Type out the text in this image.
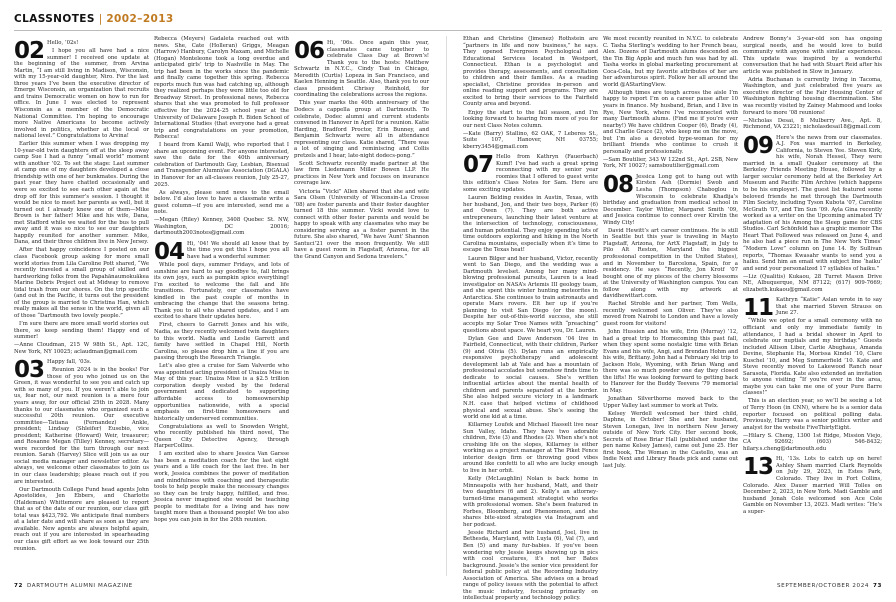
CLASSNOTES | 2002–2013
02 Hello, ’02s!

I hope you all have had a nice summer! I received one update at the beginning of the summer, from Arvina Martin, “I am still living in Madison, Wisconsin, with my 15-year-old daughter, Niro. For the last three years I’ve been the executive director of Emerge Wisconsin, an organization that recruits and trains Democratic women on how to run for office. In June I was elected to represent Wisconsin as a member of the Democratic National Committee. I’m hoping to encourage more Native Americans to become actively involved in politics, whether at the local or national level.” Congratulations to Arvina!

Earlier this summer when I was dropping my 10-year-old twin daughters off at the sleep away camp Sue I had a funny “small world” moment with another ’02. To set the stage: Last summer at camp one of my daughters developed a close friendship with one of her bunkmates. During the past year they have chatted occasionally and were so excited to see each other again at the drop off for this summer’s session. I thought it would be nice to meet her parents as well, but it turned out I already knew one of them—Mike Brown is her father! Mike and his wife, Dana, met Stafford while we waited for the bus to pull away and it was so nice to see our daughters happily reunited for another summer. Mike, Dana, and their three children live in New Jersey.

After that happy coincidence I posted on our class Facebook group asking for more small world stories from Lila Caroline Pott shared, “We recently traveled a small group of skilled and hardworking folks from the Papahānaumokuākea Marine Debris Project out at Midway to remove tidal trash from our shores. On the trip specific (and out in the Pacific, it turns out the president of the group is married to Christina Han, which really makes all the sense in the world, given all of those “Dartmouth two lovely people.”

I’m sure there are more small world stories out there, so keep sending them! Happy end of summer!

—Anne Cloudman, 215 W 98th St., Apt. 12C, New York, NY 10025; aclaudman@gmail.com

03 Happy fall, ’03s.

Reunion 2024 is in the books! For those of you who joined us on the Green, it was wonderful to see you and catch up with so many of you. If you weren’t able to join us, fear not, our next reunion is a mere four years away, for our official 25th in 2028. Many thanks to our classmates who organized such a successful 20th reunion. Our executive committee—Tatiana (Fernandez) Ankle, president; Lindsay (Shleifer) Eusebio, vice president; Katherine (Howard) Weir, treasurer; and Rosanne Megan (Tilley) Kenney, secretary—were recorded for the turn through our next reunion. Sarah (Harvey) Slice will join us as our social media manager and newsletter editor. As always, we welcome other classmates to join us in our class leadership; please reach out if you are interested.

Our Dartmouth College Fund head agents John Apostolides, Jen Ebbers, and Charlotte (Haldeman) Whittemore are pleased to report that as of the date of our reunion, our class gift total was $423,792. We anticipate final numbers at a later date and will share as soon as they are available. New agents are always helpful again, reach out if you are interested in spearheading our class gift effort as we look toward our 25th reunion.

Rebecca (Meyers) Gadaleta reached out with news. She, Cate (Holleran) Griggs, Meagan (Harrow) Hanbury, Carolyn Maxam, and Michelle (Hogan) Monteleone took a long overdue and anticipated girls’ trip to Nashville in May. The trip had been in the works since the pandemic and finally came together this spring. Rebecca reports much fun was had catching up, although they realized perhaps they were little too old for Broadway Street. In professional news, Rebecca shares that she was promoted to full professor effective for the 2024-25 school year at the University of Delaware Joseph R. Biden School of International Studies (that everyone had a great trip and congratulations on your promotion, Rebecca!

I heard from Kamil Walji, who reported that I share an upcoming event. For anyone interested, save the date for the 40th anniversary celebration of Dartmouth Gay, Lesbian, Bisexual and Transgender Alumni/ae Association (DGALA) in Hanover for an all-classes reunion, July 25-27, 2025.

As always, please send news to the email below. I’d also love to have a classmate write a guest column—if you are interested, send me a note.

—Megan (Riley) Kenney, 3408 Quebec St. NW, Washington, DC 20016; dartmouth2003notes@gmail.com

04 Hi, ’04! We should all know that by the time you get this I hope you all have had a wonderful summer.

While pool days, summer Fridays, and lots of sunshine are hard to say goodbye to, fall brings its own joys, such as pumpkin spice everything! I’m excited to welcome the fall and life transitions. Fortunately, our classmates have kindled in the past couple of months in embracing the change that the seasons bring. Thank you to all who shared updates, and I am excited to share their updates here.

First, cheers to Garrett Jones and his wife, Nadia, as they recently welcomed twin daughters to this world. Nadia and Leslie Garrett and family have settled in Chapel Hill, North Carolina, so please drop him a line if you are passing through the Research Triangle.

Let’s also give a cruise for Sam Valverde who was appointed acting president of Unaiza Mise in May of this year. Unaiza Mise is a $2.5 trillion corporation deeply vested by the federal government and dedicated to supporting affordable access to homeownership opportunities nationwide, with a special emphasis on first-time homeowners and historically underserved communities.

Congratulations as well to Snowden Wright, who recently published his third novel, The Queen City Detective Agency, through HarperCollins.

I am excited also to share Jessica Van Garsse has been a meditation coach for the last eight years and a life coach for the last five. In her work, Jessica combines the power of meditation and mindfulness with coaching and therapeutic tools to help people make the necessary changes so they can be truly happy, fulfilled, and free. Jessica never imagined she would be teaching people to meditate for a living and has now taught more than a thousand people! We too also hope you can join in for the 20th reunion.

06 Hi, ’06s. Once again this year, classmates came together to celebrate Class Day at Brown’s! Thank you to the hosts: Matthew Schwartz in N.Y.C., Cindy Tsai in Chicago, Meredith (Curtis) Lopeza in San Francisco, and Kaelen Henning in Seattle. Also, thank you to our class president Chrissy Reinhold, for coordinating the celebrations across the regions.

This year marks the 40th anniversary of the Dodecs a cappella group at Dartmouth. To celebrate, Dodec alumni and current students convened in Hanover in April for a reunion. Katie Harding, Bradford Proctor, Erin Bunney, and Benjamin Schwartz were all in attendance representing our class. Katie shared, “There was a lot of singing and reminiscing and Collis pretzels and I hear, late-night dodecs-pong.”

Scott Schwartz recently made partner at the law firm Liedemann Miller Bowen LLP. He practices in New York and focuses on insurance coverage law.

Victoria “Vicki” Allen shared that she and wife Sara Olsen (University of Wisconsin-La Crosse ’08) are foster parents and their foster daughter turned 18 this summer. Vicki would love to connect with other foster parents and would be happy to speak with any classmates who may be considering serving as a foster parent in the future. She also shared, “We have ‘Aunt’ Shannon Santuci’21 over the moon frequently. We still have a guest room in Flagstaff, Arizona, for all the Grand Canyon and Sedona travelers.”

Ethan and Christine (Jimenez) Rothstein are “partners in life and now business,” he says. They opened Evergreen Psychological and Educational Services located in Westport, Connecticut. Ethan is a psychologist and provides therapy, assessments, and consultation to children and their families. As a reading specialist, Christine provides in-person and online reading support and programs. They are excited to bring their services to the Fairfield County area and beyond.

Enjoy the start to the fall season, and I’m looking forward to hearing from more of you for our next Class Notes column.

—Kate (Barry) Stallino, 62 OAK, 7 Leberes St., Suite 107, Hanover, NH 03755; kberry3454@gmail.com

07 Hello from Kathryn (Fauerbach) Kumf! I’ve had such a great spring reconnecting with my senior year roomies that I offered to guest write this edition’s Class Notes for Sam. Here are some exciting updates.

Lauren Belding resides in Austin, Texas, with her husband, Jon, and their two boys, Parker (6) and Owen (7). They are both active entrepreneurs, launching their latest venture at the intersection of technology, consciousness, and human potential. They enjoy spending lots of time outdoors exploring and hiking in the North Carolina mountains, especially when it’s time to escape the Texas heat!

Lauren Bilger and her husband, Victor, recently went to San Diego, and the wedding was a Dartmouth levelset. Among her many mind-blowing professional pursuits, Lauren is a lead investigator on NASA’s Artemis III geology team, and she spent this winter hunting meteorites in Antarctica. She continues to train astronauts and operate Mars rovers. Elt her up if you’re planning to visit San Diego (or the moon). Despite her out-of-this-world success, she still accepts my Solar Tree Names with “preaching” questions about space. We heart you, Dr. Lauren.

Dylan Gee and Dave Anderson ’04 live in Fairfield, Connecticut, with their children, Parker (9) and Olivia (5). Dylan runs an empirically responsive psychotherapy and adolescent development lab at Yale and has a mountain of professional accolades but somehow finds time to dedicate to social causes. She’s written influential articles about the mental health of children and parents separated at the border. She also helped secure victory in a landmark N.H. case that helped victims of childhood physical and sexual abuse. She’s seeing the world one kid at a time.

Killarney Loufek and Michael Hasselt live near Sun Valley, Idaho. They have two adorable children, Evie (3) and Rhodes (2). When she’s not crushing life on the slopes, Killarney is either working as a project manager at The Piket Fence interior design firm or throwing good vibes around like confetti to all who are lucky enough to live in her orbit.

Kelly (McLaughlin) Nolan is back home in Minneapolis with her husband, Matt, and their two daughters (6 and 2). Kelly’s an attorney-turned-time management strategist who works with professional women. She’s been featured in Forbes, Bloomberg, and Phenomenon, and she shares bite-sized strategies via Instagram and her podcast.

Jessie Richard and her husband, Joel, live in Bethesda, Maryland, with Luyla (6), Val (7), and Ben (5) and many fur-babies. If you’ve been wondering why Jessie keeps showing up in pics with cool creatures, it’s not her Bates background. Jessie’s the senior vice president for federal public policy at the Recording Industry Association of America. She advises on a broad range of policy issues with the potential to affect the music industry, focusing primarily on intellectual property and technology policy.

We most recently reunited in N.Y.C. to celebrate C. Tasha Sterling’s wedding to her French beau, Alex. Dozens of Dartmouth alums descended on the Tin Big Apple and much fun was had by all. Tasha works in global marketing procurement at Coca-Cola, but my favorite attributes of her are her adventurous spirit. Follow her all around the world @AStartingView.

Although times are tough across the aisle I’m happy to report I’m on a career pause after 10 years in finance. My husband, Brian, and I live in Rye, New York, where I’ve reconnected with many Dartmouth alums. (Find me if you’re ever nearby!) We have children Cooper (6), Brady (4), and Charlie Grace (2), who keep me on the move, but I’m also a devoted hype-woman for my brilliant friends who continue to crush it personally and professionally.

—Sam Boutilier, 343 W 122nd St., Apt. 2SB, New York, NY 10027; samsboutilier@gmail.com

08 Jessica Long got to hang out with Kirsten Ash (Dormie) Swob and Lesha (Thompson) Chaboglou in Wisconsin to celebrate Khadija’s birthday and graduation from medical school in December. Taylor Witter, Margaret Smith ’09, and Jessica continue to connect over Kirstin the Windy City!

David Hewitt’s art career continues. He is still in Seattle but this year is traveling in Mayto Flagstaff, Arizona, for ArtX Flagstaff, in July to Pilo Alt Reston, Maryland the biggest professional competition in the United States), and in November to Barcelona, Spain, for a residency. He says “Recently, Jon Krotf ’07 bought one of my pieces of the cherry blossoms at the University of Washington campus. You can follow along with my artwork at davidhewittart.com.

Rachel Stroble and her partner, Tom Wells, recently welcomed son Oliver. They’ve also moved from Nairobi to London and have a lovely guest room for visitors!

John Hussien and his wife, Erin (Murray) ’12, had a great trip to Homecoming this past fall, when they spent some nostalgic time with Brian Evans and his wife, Angi, and Brendan Hohm and his wife, Brittany. John had a February ski trip to Jackson Hole, Wyoming, with Brian Wang and there was so much powder one day they closed the lifts! He was looking forward to getting back to Hanover for the Buddy Teevens ’79 memorial in May.

Jonathan Silverthorne moved back to the Upper Valley last summer to work at Twlx.

Kelsey Werdell welcomed her third child, Daphne, in October! She and her husband, Steven Lonegan, live in northern New Jersey outside of New York City. Her second book, Secrets of Rose Briar Hall (published under the pen name Kelsey James), came out June 25. Her first book, The Woman in the Castello, was an Indie Next and Library Reads pick and came out last July.

Andrew Bonny’s 3-year-old son has ongoing surgical needs, and he would love to build community with anyone with similar experiences. This update was inspired by a wonderful conversation that he had with Stuart Reid after his article was published in Slow in January.

Adria Buchanan is currently living in Tacoma, Washington, and just celebrated five years as executive director of the Fair Housing Center of Washington fighting housing discrimination. She was recently visited by Zainey Mahmood and looks forward to more ’08 reunions!

—Nicholas Desai, 8 Mulberry Ave., Apt. 8, Richmond, VA 23221; nicholasdesai18@gmail.com

09 Here’s the news from our classmates. A.J. Fox was married in Berkeley, California, to Steven Yee. Steven Kirk, his wife, Norah Hessel, They were married in a small Quaker ceremony at the Berkeley Friends Meeting House, followed by a larger secular ceremony held at the Berkeley Art Museum and Pacific Film Archive (which happens to be his employer). The guest list featured some beloved friends he met through the Dartmouth Film Society, including Tyson Kubota ’07, Caroline McGrath ’07, and Tim Sun ’09. Ayla Gina recently worked as a writer on the Upcoming animated TV adaptation of his Among the Sleep game for CBS Studios. Carl Schönfeld has a graphic memoir The Heart That Followed was released on June 4, and he also had a piece run in The New York Times’ “Modern Love” column on June 14. By Sullivan reports, “Thomas Kwasahr wants to send you a haiku. Send him an email with subject line ‘haiku’ and send your personalized 17 syllables of haiku.”

—Liz (Qualitis) Kukaou, 28 Turret Mason Drive NE, Albuquerque, NM 87122; (617) 909-7669; elizabeth.kukaou@gmail.com

11 Kathryn “Katie” Aslan wrote in to say that she married Steven Strauss on June 27.

“While we opted for a small ceremony with no officiant and only my immediate family in attendance, I had a bridal shower in April to celebrate our nuptials and my birthday.” Guests included Allison Liber, Carlie Abughaus, Amanda Devine, Stephanie Ha, Morissa Kindel ’10, Clare Kuschel ’10, and Meg Summerfield ’10. Kate and Steve recently moved to Lakewood Ranch near Sarasota, Florida. Kate also extended an invitation to anyone visiting “If you’re ever in the area, maybe you can take me one of your Pure Barre classes!”

This is an election year, so we’ll be seeing a lot of Terry Hoon (in CNN), where he is a senior data reporter focused on political polling data. Previously, Harry was a senior politics writer and analyst for the website FiveThirtyEight.

—Hilary S. Cheng, 1300 1st Ridge, Mission Viejo, CA 92692; (603) 546-8432; hilary.s.cheng@dartmouth.edu

13 Hi, ’13s. Lots to catch up on here! Ashley Sham married Clark Reynolds on July 29, 2023, in Estes Park, Colorado. They live in Fort Collins, Colorado. Alex Dauer married Will Tolles on December 2, 2023, in New York. Madi Gamble and husband Jonah Cole welcomed son Ace Cole Gamble on November 13, 2023. Madi writes: “He’s a super-

72 DARTMOUTH ALUMNI MAGAZINE	SEPTEMBER/OCTOBER 2024 73
